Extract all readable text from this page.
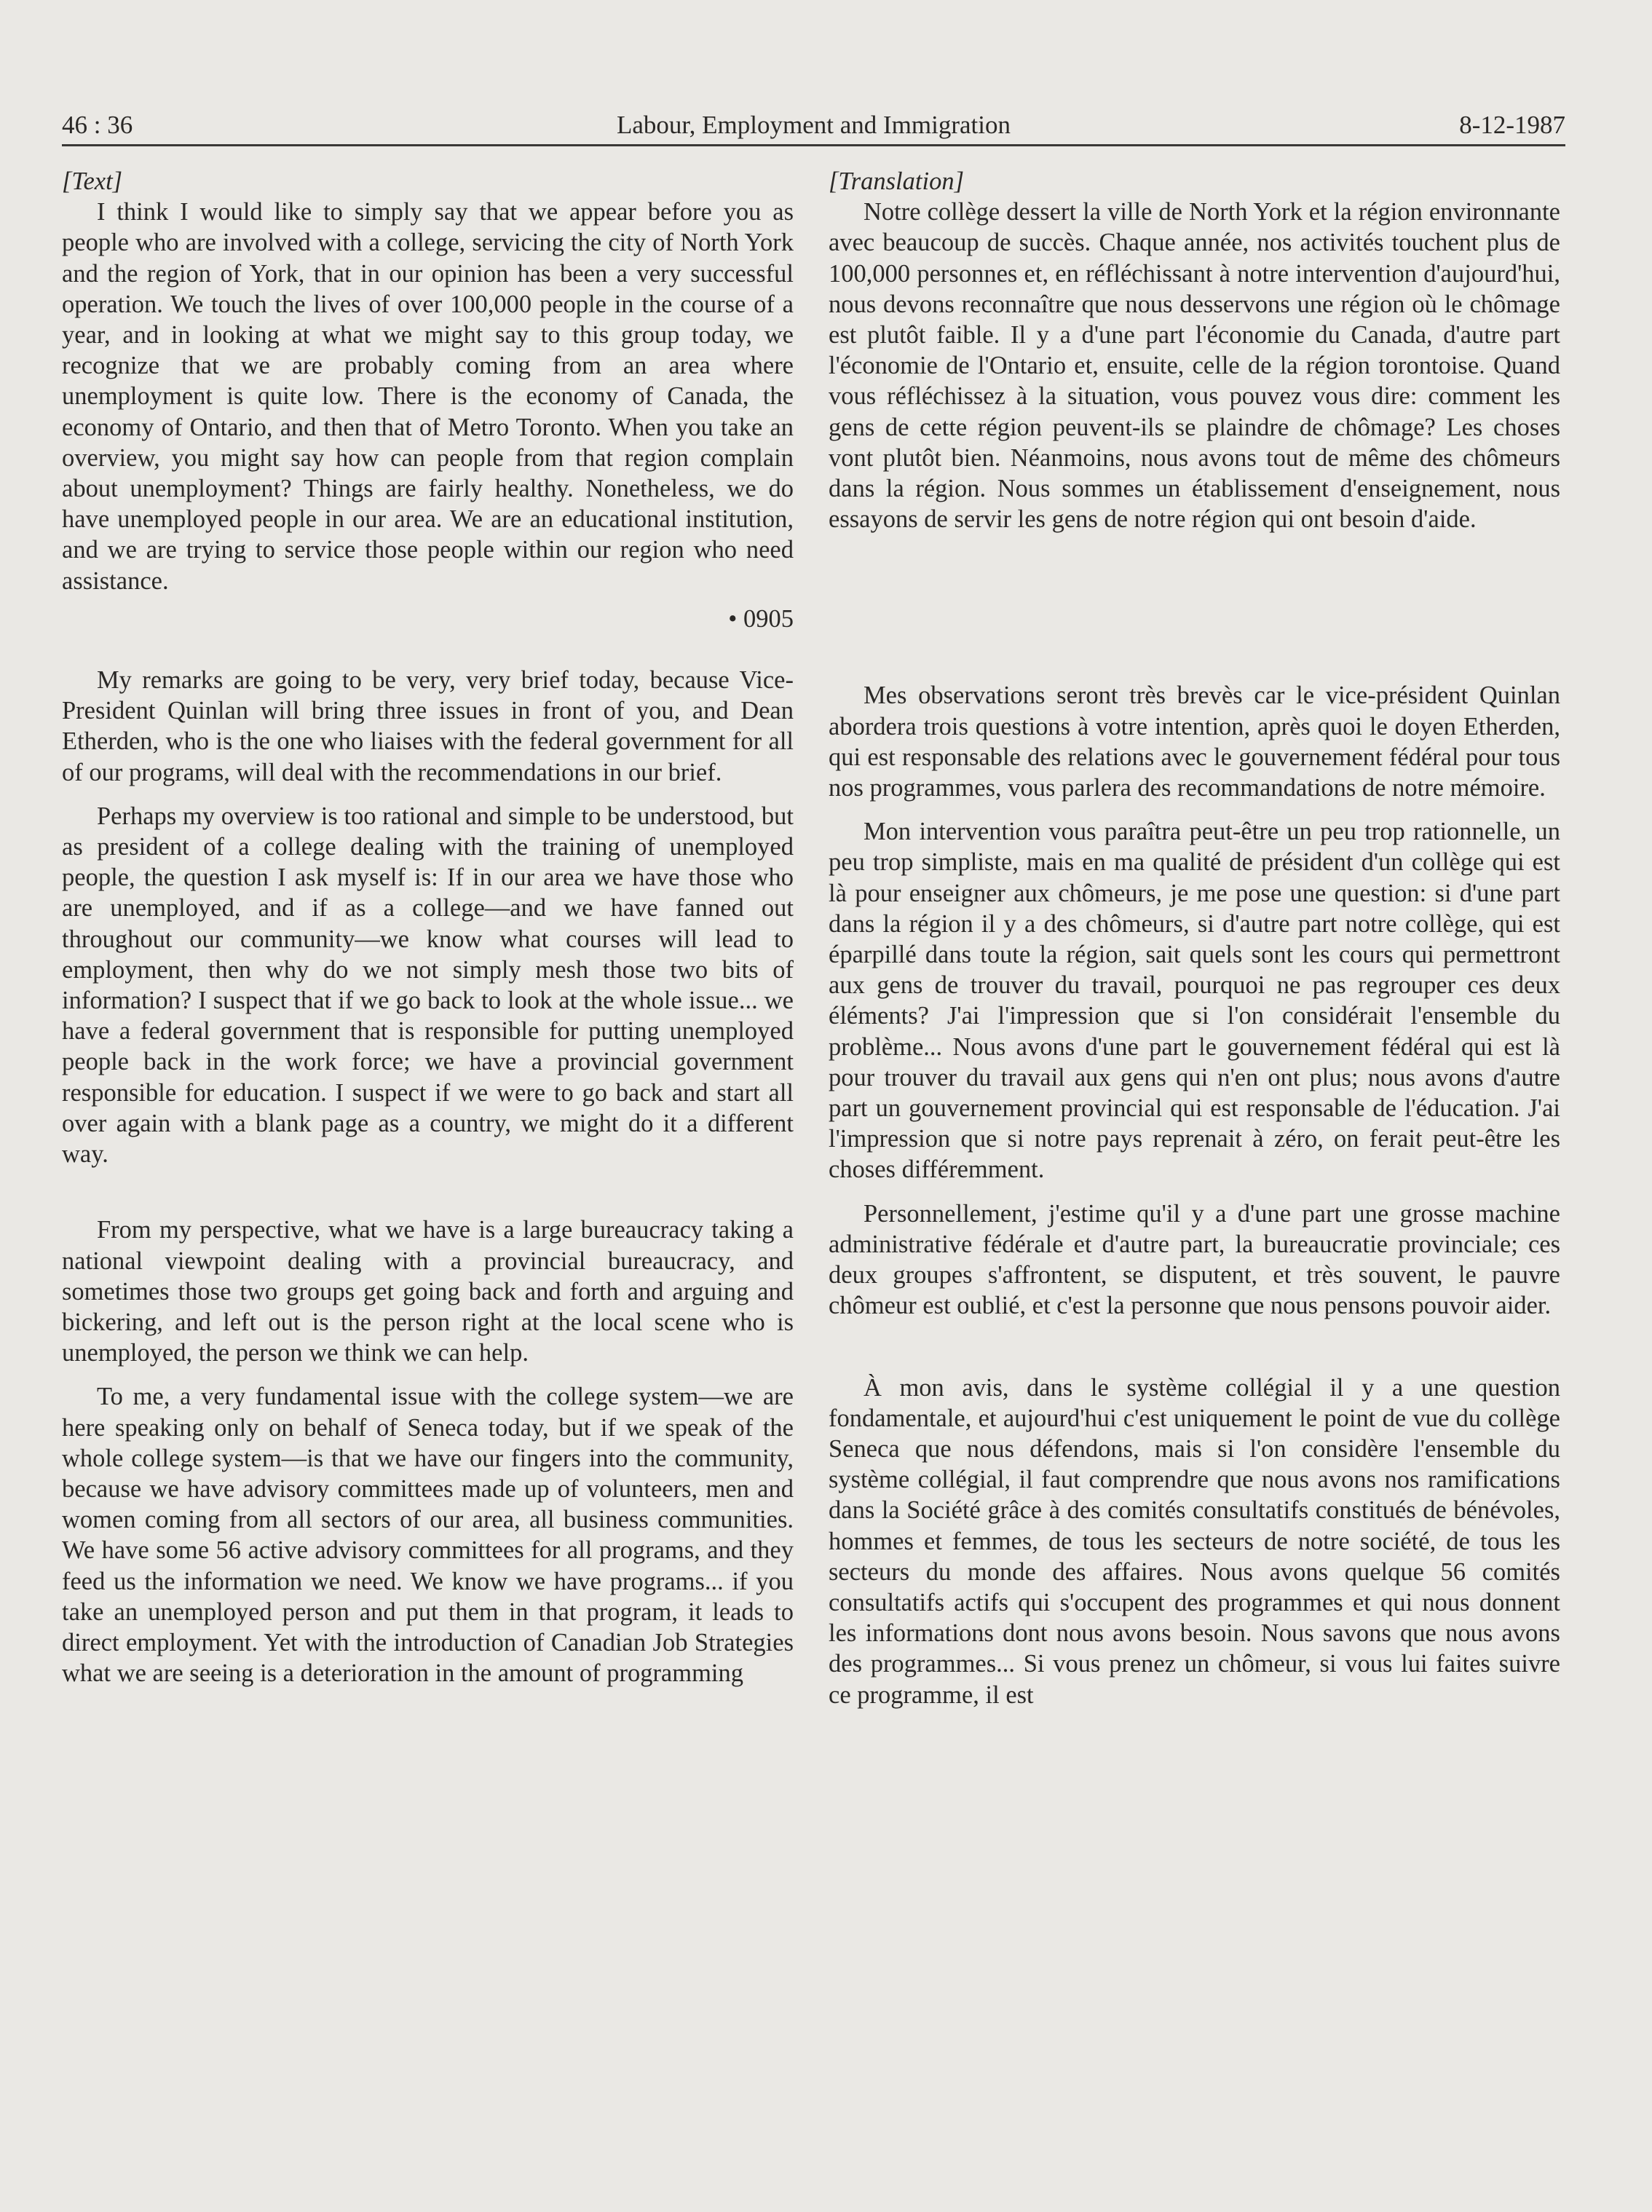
46 : 36	Labour, Employment and Immigration	8-12-1987

[Text]

I think I would like to simply say that we appear before you as people who are involved with a college, servicing the city of North York and the region of York, that in our opinion has been a very successful operation. We touch the lives of over 100,000 people in the course of a year, and in looking at what we might say to this group today, we recognize that we are probably coming from an area where unemployment is quite low. There is the economy of Canada, the economy of Ontario, and then that of Metro Toronto. When you take an overview, you might say how can people from that region complain about unemployment? Things are fairly healthy. Nonetheless, we do have unemployed people in our area. We are an educational institution, and we are trying to service those people within our region who need assistance.

• 0905

My remarks are going to be very, very brief today, because Vice-President Quinlan will bring three issues in front of you, and Dean Etherden, who is the one who liaises with the federal government for all of our programs, will deal with the recommendations in our brief.

Perhaps my overview is too rational and simple to be understood, but as president of a college dealing with the training of unemployed people, the question I ask myself is: If in our area we have those who are unemployed, and if as a college—and we have fanned out throughout our community—we know what courses will lead to employment, then why do we not simply mesh those two bits of information? I suspect that if we go back to look at the whole issue... we have a federal government that is responsible for putting unemployed people back in the work force; we have a provincial government responsible for education. I suspect if we were to go back and start all over again with a blank page as a country, we might do it a different way.

From my perspective, what we have is a large bureaucracy taking a national viewpoint dealing with a provincial bureaucracy, and sometimes those two groups get going back and forth and arguing and bickering, and left out is the person right at the local scene who is unemployed, the person we think we can help.

To me, a very fundamental issue with the college system—we are here speaking only on behalf of Seneca today, but if we speak of the whole college system—is that we have our fingers into the community, because we have advisory committees made up of volunteers, men and women coming from all sectors of our area, all business communities. We have some 56 active advisory committees for all programs, and they feed us the information we need. We know we have programs... if you take an unemployed person and put them in that program, it leads to direct employment. Yet with the introduction of Canadian Job Strategies what we are seeing is a deterioration in the amount of programming

[Translation]

Notre collège dessert la ville de North York et la région environnante avec beaucoup de succès. Chaque année, nos activités touchent plus de 100,000 personnes et, en réfléchissant à notre intervention d'aujourd'hui, nous devons reconnaître que nous desservons une région où le chômage est plutôt faible. Il y a d'une part l'économie du Canada, d'autre part l'économie de l'Ontario et, ensuite, celle de la région torontoise. Quand vous réfléchissez à la situation, vous pouvez vous dire: comment les gens de cette région peuvent-ils se plaindre de chômage? Les choses vont plutôt bien. Néanmoins, nous avons tout de même des chômeurs dans la région. Nous sommes un établissement d'enseignement, nous essayons de servir les gens de notre région qui ont besoin d'aide.

Mes observations seront très brevès car le vice-président Quinlan abordera trois questions à votre intention, après quoi le doyen Etherden, qui est responsable des relations avec le gouvernement fédéral pour tous nos programmes, vous parlera des recommandations de notre mémoire.

Mon intervention vous paraîtra peut-être un peu trop rationnelle, un peu trop simpliste, mais en ma qualité de président d'un collège qui est là pour enseigner aux chômeurs, je me pose une question: si d'une part dans la région il y a des chômeurs, si d'autre part notre collège, qui est éparpillé dans toute la région, sait quels sont les cours qui permettront aux gens de trouver du travail, pourquoi ne pas regrouper ces deux éléments? J'ai l'impression que si l'on considérait l'ensemble du problème... Nous avons d'une part le gouvernement fédéral qui est là pour trouver du travail aux gens qui n'en ont plus; nous avons d'autre part un gouvernement provincial qui est responsable de l'éducation. J'ai l'impression que si notre pays reprenait à zéro, on ferait peut-être les choses différemment.

Personnellement, j'estime qu'il y a d'une part une grosse machine administrative fédérale et d'autre part, la bureaucratie provinciale; ces deux groupes s'affrontent, se disputent, et très souvent, le pauvre chômeur est oublié, et c'est la personne que nous pensons pouvoir aider.

À mon avis, dans le système collégial il y a une question fondamentale, et aujourd'hui c'est uniquement le point de vue du collège Seneca que nous défendons, mais si l'on considère l'ensemble du système collégial, il faut comprendre que nous avons nos ramifications dans la Société grâce à des comités consultatifs constitués de bénévoles, hommes et femmes, de tous les secteurs de notre société, de tous les secteurs du monde des affaires. Nous avons quelque 56 comités consultatifs actifs qui s'occupent des programmes et qui nous donnent les informations dont nous avons besoin. Nous savons que nous avons des programmes... Si vous prenez un chômeur, si vous lui faites suivre ce programme, il est
